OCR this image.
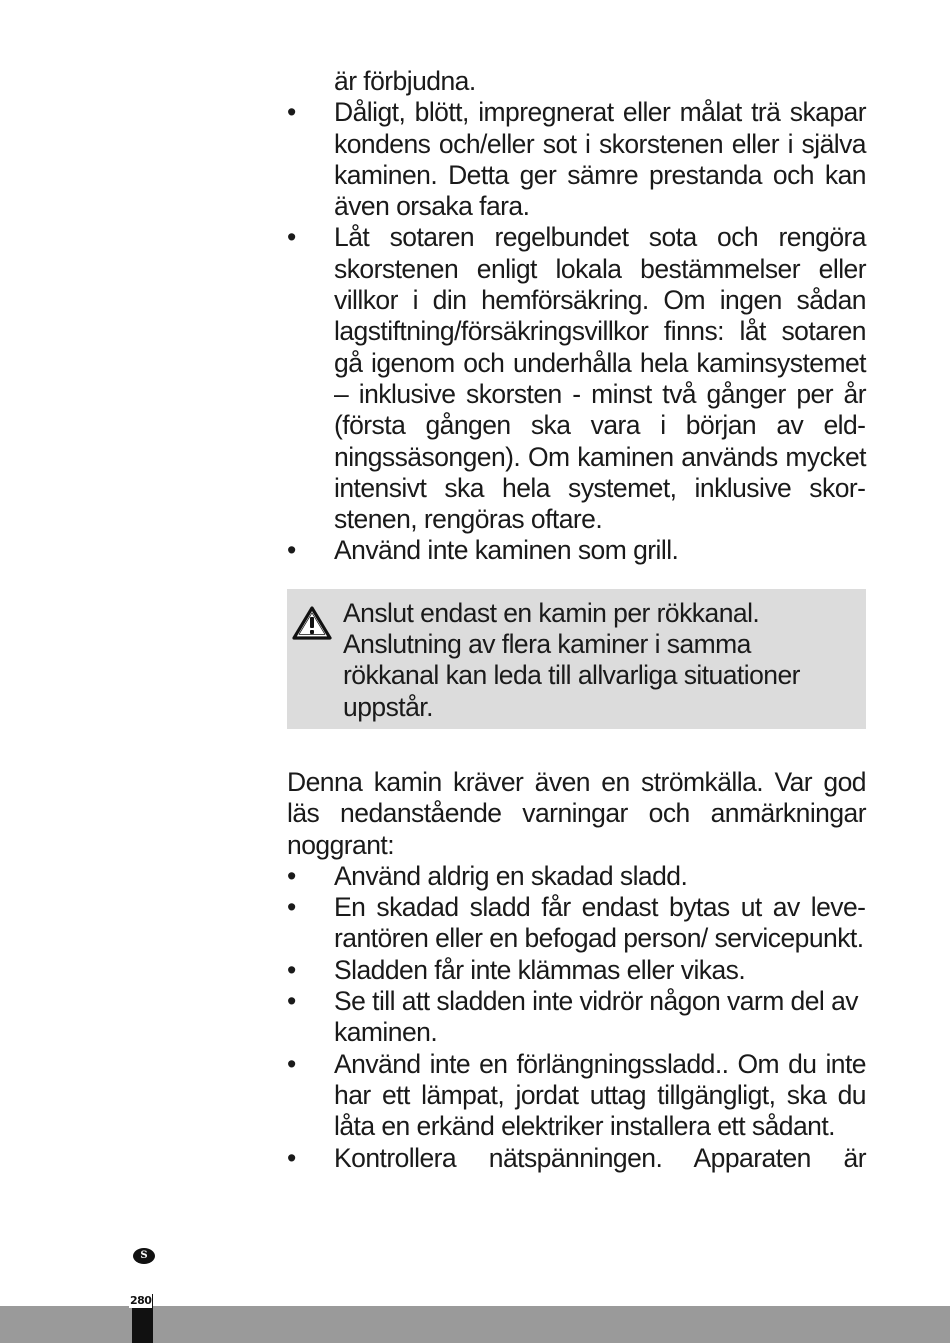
är förbjudna.

• Dåligt, blött, impregnerat eller målat trä skapar kondens och/eller sot i skorstenen eller i själva kaminen. Detta ger sämre prestanda och kan även orsaka fara.
• Låt sotaren regelbundet sota och rengöra skorstenen enligt lokala bestämmelser eller villkor i din hemförsäkring. Om ingen sådan lagstiftning/försäkringsvillkor finns: låt sotaren gå igenom och underhålla hela kaminsystemet – inklusive skorsten - minst två gånger per år (första gången ska vara i början av eldningssäsongen). Om kaminen används mycket intensivt ska hela systemet, inklusive skorstenen, rengöras oftare.
• Använd inte kaminen som grill.

Anslut endast en kamin per rökkanal. Anslutning av flera kaminer i samma rökkanal kan leda till allvarliga situationer uppstår.

Denna kamin kräver även en strömkälla. Var god läs nedanstående varningar och anmärkningar noggrant:

• Använd aldrig en skadad sladd.
• En skadad sladd får endast bytas ut av leverantören eller en befogad person/ servicepunkt.
• Sladden får inte klämmas eller vikas.
• Se till att sladden inte vidrör någon varm del av kaminen.
• Använd inte en förlängningssladd.. Om du inte har ett lämpat, jordat uttag tillgängligt, ska du låta en erkänd elektriker installera ett sådant.
• Kontrollera nätspänningen. Apparaten är
S
280
